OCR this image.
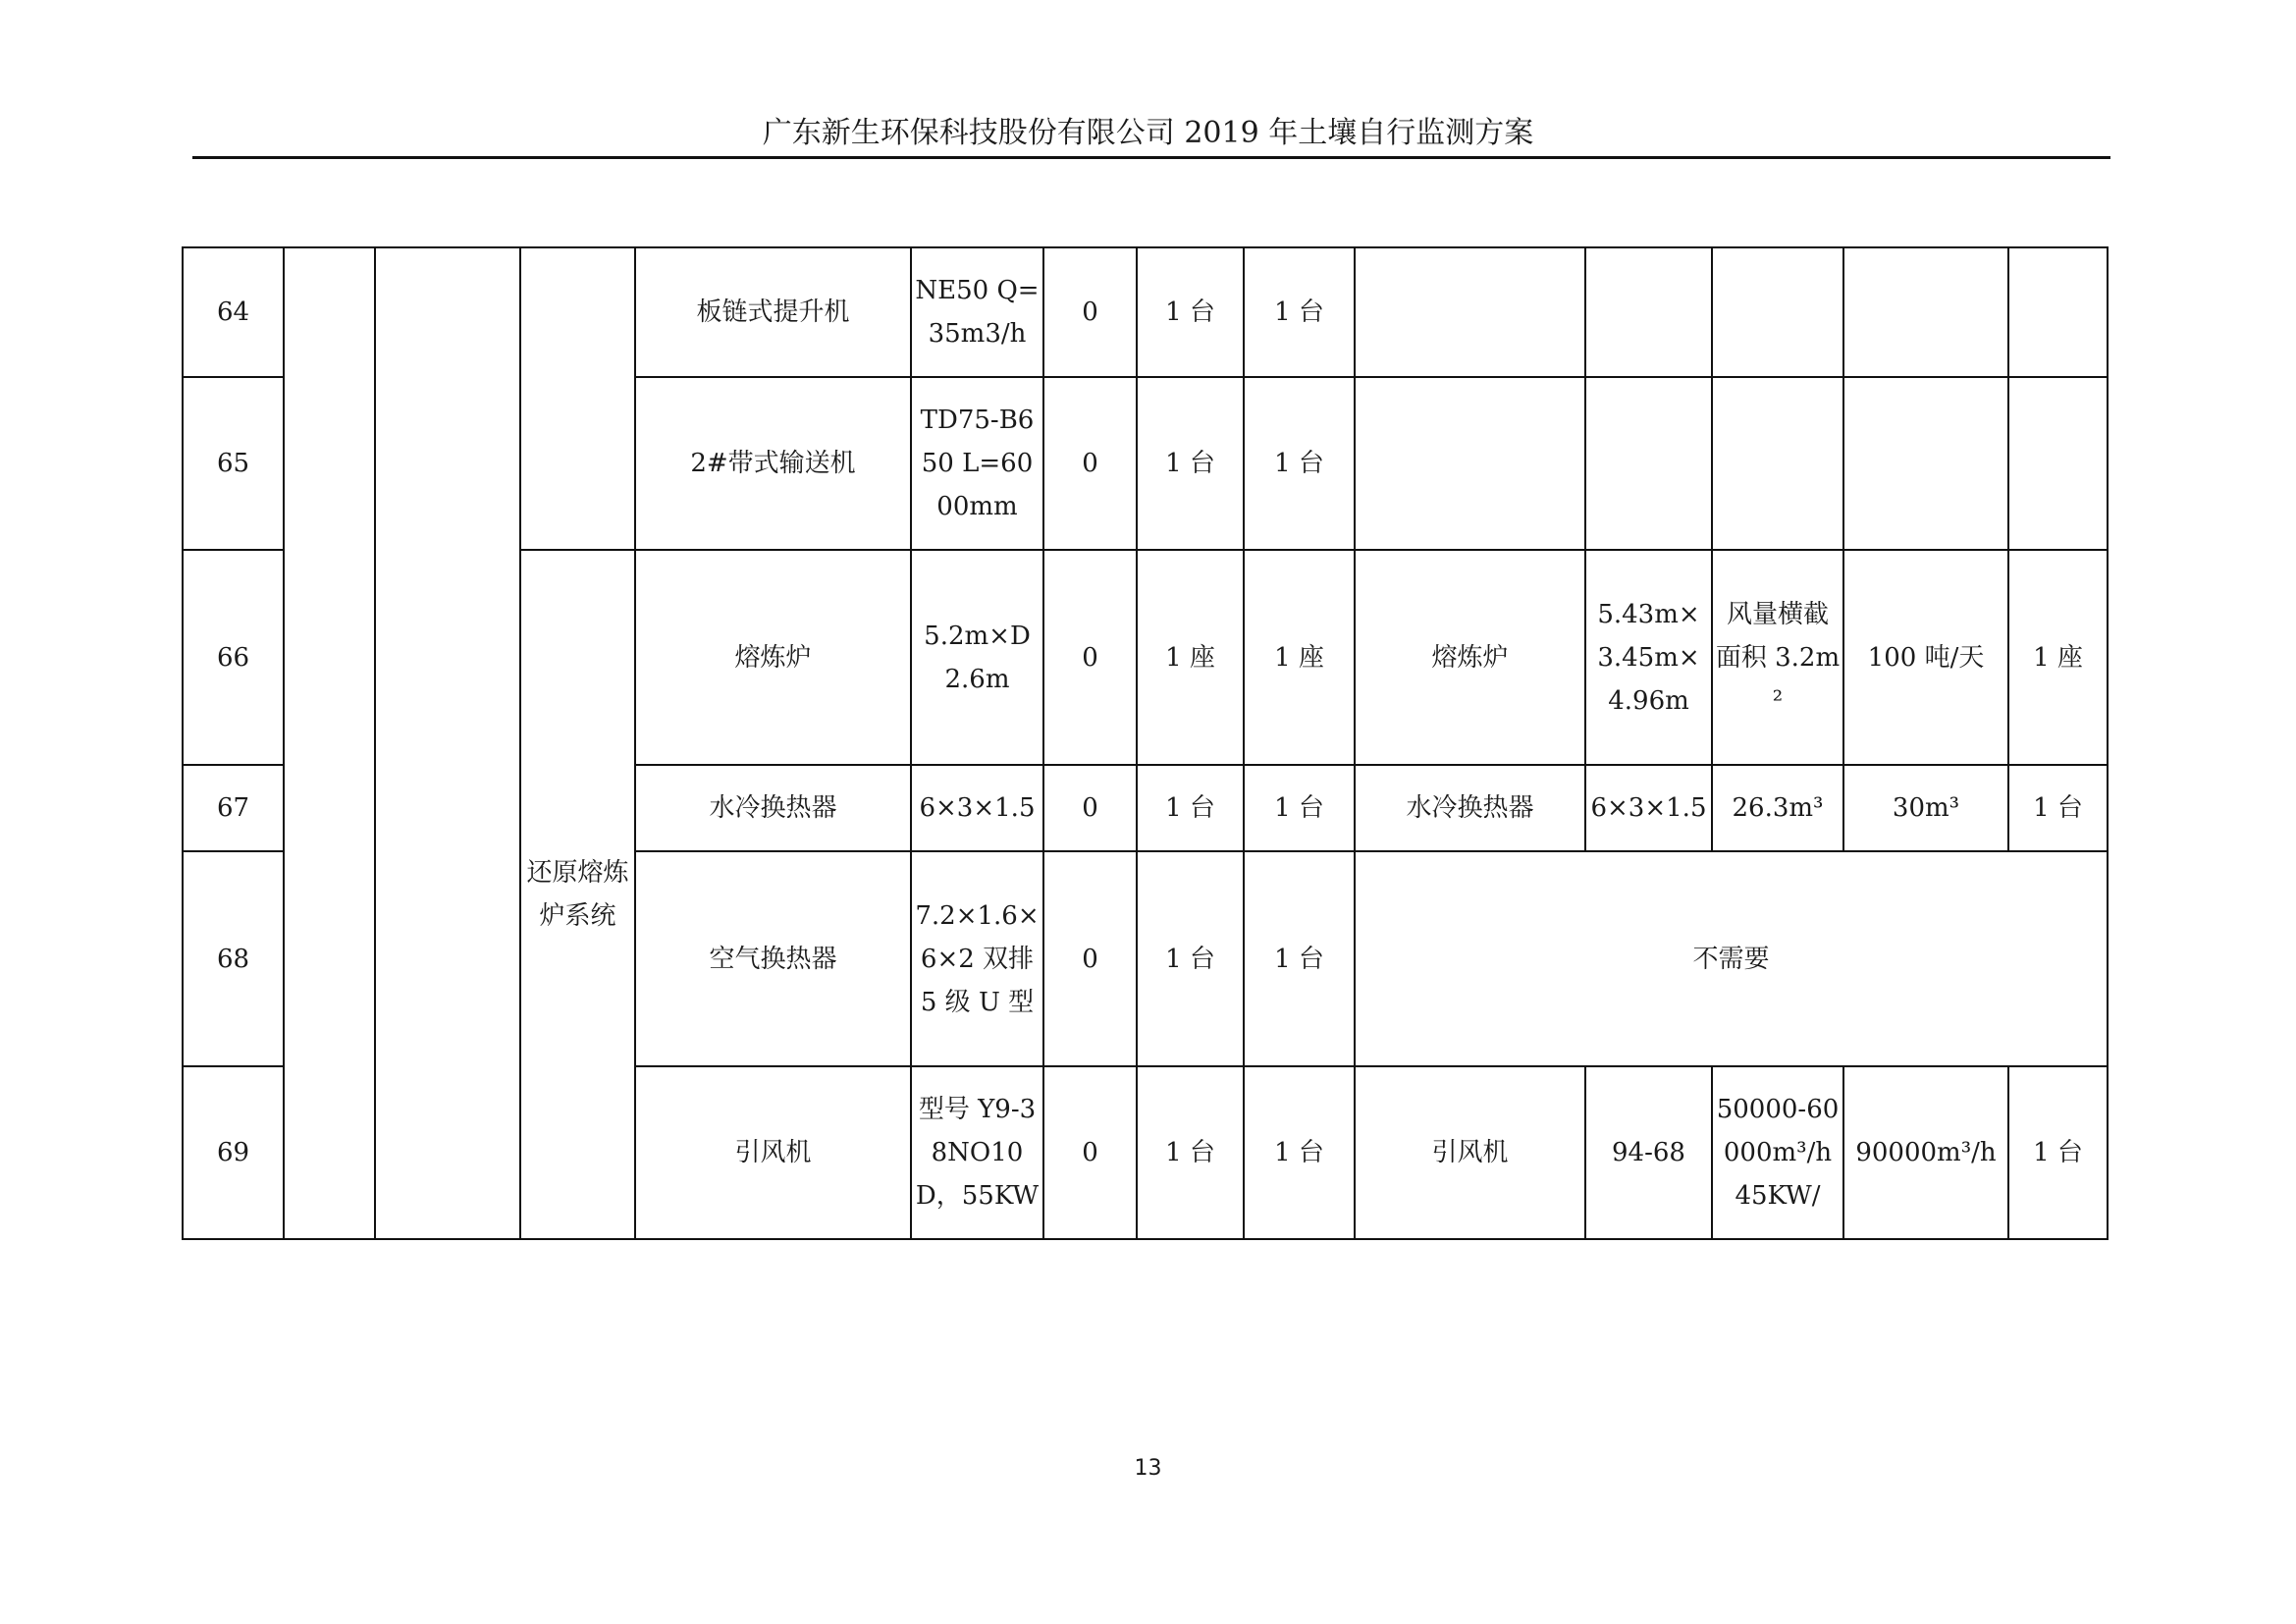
广东新生环保科技股份有限公司 2019 年土壤自行监测方案
64				板链式提升机	NE50 Q=35m3/h	0	1 台	1 台					
65				2#带式输送机	TD75-B650 L=6000mm	0	1 台	1 台					
66			还原熔炼炉系统	熔炼炉	5.2m×D2.6m	0	1 座	1 座	熔炼炉	5.43m×3.45m×4.96m	风量横截面积 3.2m²	100 吨/天	1 座
67				水冷换热器	6×3×1.5	0	1 台	1 台	水冷换热器	6×3×1.5	26.3m³	30m³	1 台
68				空气换热器	7.2×1.6×6×2 双排 5 级 U 型	0	1 台	1 台	不需要				
69				引风机	型号 Y9-38NO10D，55KW	0	1 台	1 台	引风机	94-68	50000-60000m³/h 45KW/	90000m³/h	1 台
13
